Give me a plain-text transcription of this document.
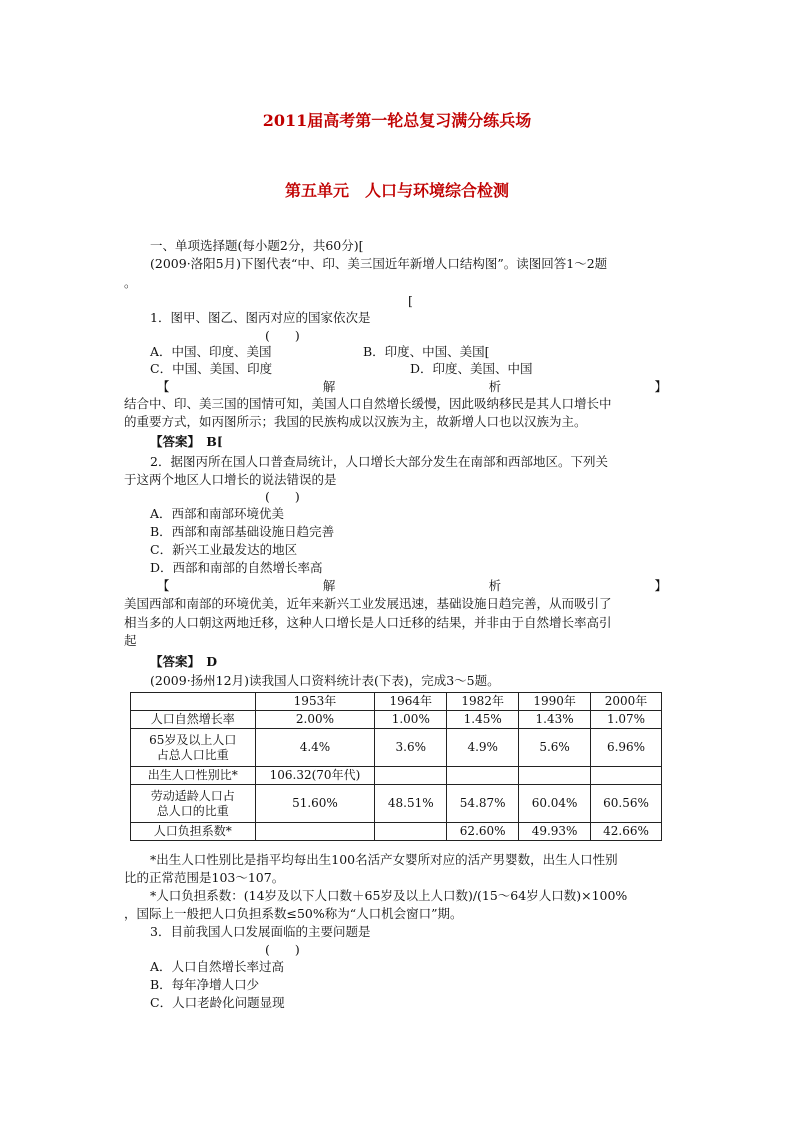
2011届高考第一轮总复习满分练兵场
第五单元　人口与环境综合检测
一、单项选择题(每小题2分，共60分)[
(2009·洛阳5月)下图代表“中、印、美三国近年新增人口结构图”。读图回答1～2题
。
[
1．图甲、图乙、图丙对应的国家依次是
(　　)
A．中国、印度、美国	B．印度、中国、美国[
C．中国、美国、印度	D．印度、美国、中国
【	解	析	】
结合中、印、美三国的国情可知，美国人口自然增长缓慢，因此吸纳移民是其人口增长中
的重要方式，如丙图所示；我国的民族构成以汉族为主，故新增人口也以汉族为主。
【答案】　B[
2．据图丙所在国人口普查局统计，人口增长大部分发生在南部和西部地区。下列关
于这两个地区人口增长的说法错误的是
(　　)
A．西部和南部环境优美
B．西部和南部基础设施日趋完善
C．新兴工业最发达的地区
D．西部和南部的自然增长率高
【	解	析	】
美国西部和南部的环境优美，近年来新兴工业发展迅速，基础设施日趋完善，从而吸引了
相当多的人口朝这两地迁移，这种人口增长是人口迁移的结果，并非由于自然增长率高引
起
【答案】　D
(2009·扬州12月)读我国人口资料统计表(下表)，完成3～5题。
	1953年	1964年	1982年	1990年	2000年
人口自然增长率	2.00%	1.00%	1.45%	1.43%	1.07%

65岁及以上人口
占总人口比重	4.4%	3.6%	4.9%	5.6%	6.96%
出生人口性别比*	106.32(70年代)				

劳动适龄人口占
总人口的比重	51.60%	48.51%	54.87%	60.04%	60.56%
人口负担系数*			62.60%	49.93%	42.66%
*出生人口性别比是指平均每出生100名活产女婴所对应的活产男婴数，出生人口性别
比的正常范围是103～107。
*人口负担系数：(14岁及以下人口数＋65岁及以上人口数)/(15～64岁人口数)×100%
，国际上一般把人口负担系数≤50%称为“人口机会窗口”期。
3．目前我国人口发展面临的主要问题是
(　　)
A．人口自然增长率过高
B．每年净增人口少
C．人口老龄化问题显现
